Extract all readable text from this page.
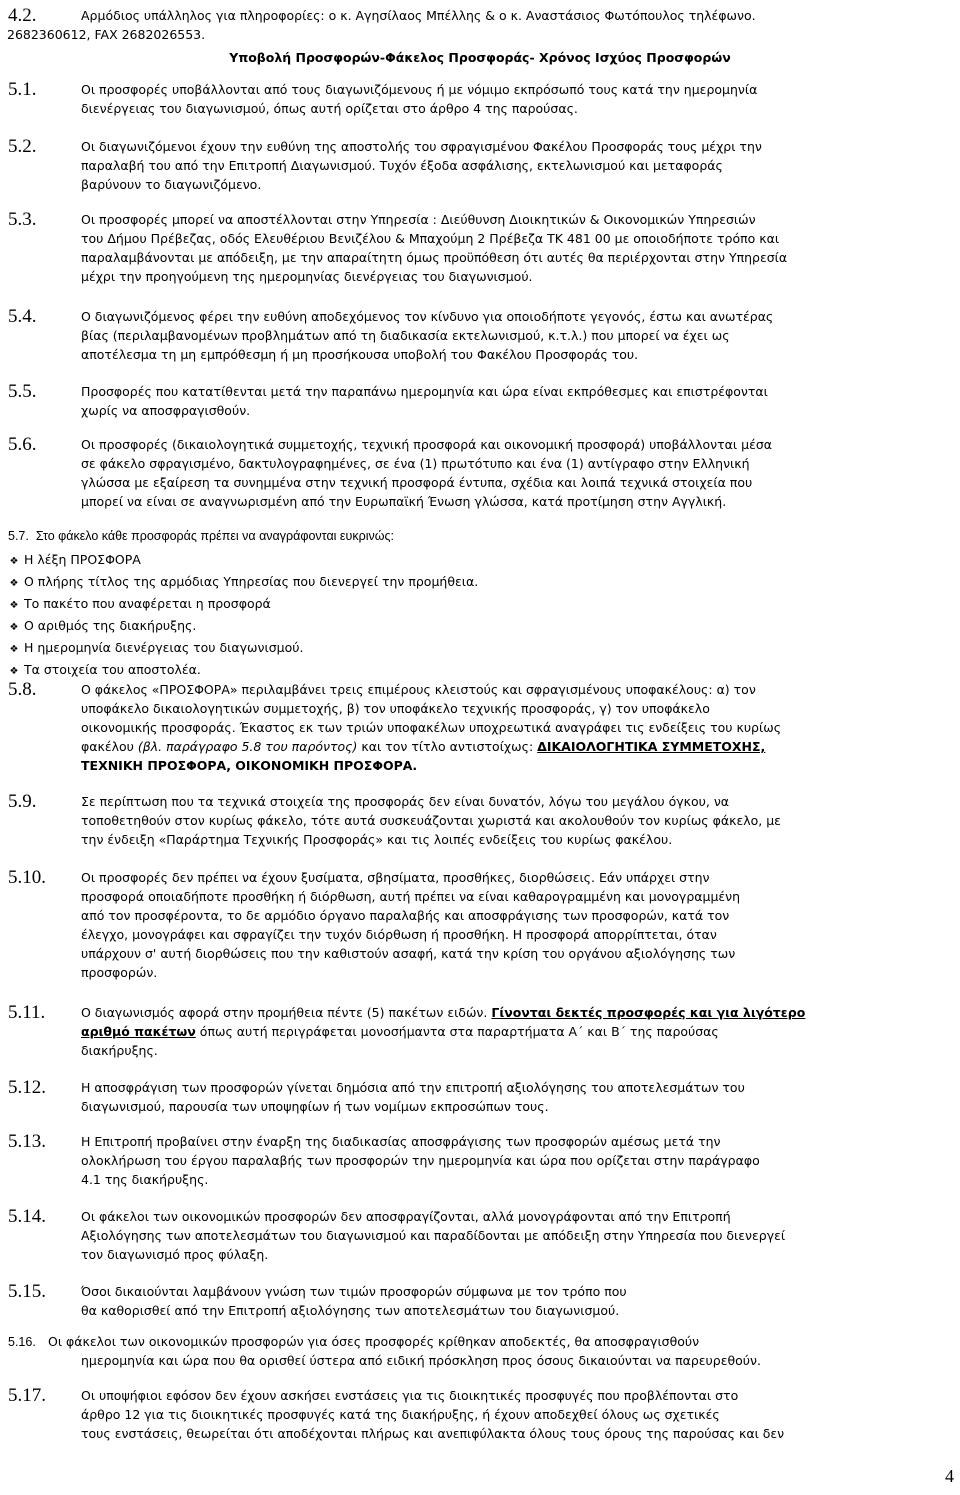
4.2.	Αρμόδιος υπάλληλος για πληροφορίες: ο κ. Αγησίλαος Μπέλλης & ο κ. Αναστάσιος Φωτόπουλος τηλέφωνο.
2682360612, FAX 2682026553.
Υποβολή Προσφορών-Φάκελος Προσφοράς- Χρόνος Ισχύος Προσφορών
5.1.	Οι προσφορές υποβάλλονται από τους διαγωνιζόμενους ή με νόμιμο εκπρόσωπό τους κατά την ημερομηνία
διενέργειας του διαγωνισμού, όπως αυτή ορίζεται στο άρθρο 4 της παρούσας.
5.2.	Οι διαγωνιζόμενοι έχουν την ευθύνη της αποστολής του σφραγισμένου Φακέλου Προσφοράς τους μέχρι την
παραλαβή του από την Επιτροπή Διαγωνισμού. Τυχόν έξοδα ασφάλισης, εκτελωνισμού και μεταφοράς
βαρύνουν το διαγωνιζόμενο.
5.3.	Οι προσφορές μπορεί να αποστέλλονται στην Υπηρεσία : Διεύθυνση Διοικητικών & Οικονομικών Υπηρεσιών
του Δήμου Πρέβεζας, οδός Ελευθέριου Βενιζέλου & Μπαχούμη 2 Πρέβεζα ΤΚ 481 00 με οποιοδήποτε τρόπο και
παραλαμβάνονται με απόδειξη, με την απαραίτητη όμως προϋπόθεση ότι αυτές θα περιέρχονται στην Υπηρεσία
μέχρι την προηγούμενη της ημερομηνίας διενέργειας του διαγωνισμού.
5.4.	Ο διαγωνιζόμενος φέρει την ευθύνη αποδεχόμενος τον κίνδυνο για οποιοδήποτε γεγονός, έστω και ανωτέρας
βίας (περιλαμβανομένων προβλημάτων από τη διαδικασία εκτελωνισμού, κ.τ.λ.) που μπορεί να έχει ως
αποτέλεσμα τη μη εμπρόθεσμη ή μη προσήκουσα υποβολή του Φακέλου Προσφοράς του.
5.5.	Προσφορές που κατατίθενται μετά την παραπάνω ημερομηνία και ώρα είναι εκπρόθεσμες και επιστρέφονται
χωρίς να αποσφραγισθούν.
5.6.	Οι προσφορές (δικαιολογητικά συμμετοχής, τεχνική προσφορά και οικονομική προσφορά) υποβάλλονται μέσα
σε φάκελο σφραγισμένο, δακτυλογραφημένες, σε ένα (1) πρωτότυπο και ένα (1) αντίγραφο στην Ελληνική
γλώσσα με εξαίρεση τα συνημμένα στην τεχνική προσφορά έντυπα, σχέδια και λοιπά τεχνικά στοιχεία που
μπορεί να είναι σε αναγνωρισμένη από την Ευρωπαϊκή Ένωση γλώσσα, κατά προτίμηση στην Αγγλική.
5.7. Στο φάκελο κάθε προσφοράς πρέπει να αναγράφονται ευκρινώς:
❖ Η λέξη ΠΡΟΣΦΟΡΑ
❖ Ο πλήρης τίτλος της αρμόδιας Υπηρεσίας που διενεργεί την προμήθεια.
❖ Το πακέτο που αναφέρεται η προσφορά
❖ Ο αριθμός της διακήρυξης.
❖ Η ημερομηνία διενέργειας του διαγωνισμού.
❖ Τα στοιχεία του αποστολέα.
5.8.	Ο φάκελος «ΠΡΟΣΦΟΡΑ» περιλαμβάνει τρεις επιμέρους κλειστούς και σφραγισμένους υποφακέλους: α) τον
υποφάκελο δικαιολογητικών συμμετοχής, β) τον υποφάκελο τεχνικής προσφοράς, γ) τον υποφάκελο
οικονομικής προσφοράς. Έκαστος εκ των τριών υποφακέλων υποχρεωτικά αναγράφει τις ενδείξεις του κυρίως
φακέλου (βλ. παράγραφο 5.8 του παρόντος) και τον τίτλο αντιστοίχως: ΔΙΚΑΙΟΛΟΓΗΤΙΚΑ ΣΥΜΜΕΤΟΧΗΣ,
ΤΕΧΝΙΚΗ ΠΡΟΣΦΟΡΑ, ΟΙΚΟΝΟΜΙΚΗ ΠΡΟΣΦΟΡΑ.
5.9.	Σε περίπτωση που τα τεχνικά στοιχεία της προσφοράς δεν είναι δυνατόν, λόγω του μεγάλου όγκου, να
τοποθετηθούν στον κυρίως φάκελο, τότε αυτά συσκευάζονται χωριστά και ακολουθούν τον κυρίως φάκελο, με
την ένδειξη «Παράρτημα Τεχνικής Προσφοράς» και τις λοιπές ενδείξεις του κυρίως φακέλου.
5.10.	Οι προσφορές δεν πρέπει να έχουν ξυσίματα, σβησίματα, προσθήκες, διορθώσεις. Εάν υπάρχει στην
προσφορά οποιαδήποτε προσθήκη ή διόρθωση, αυτή πρέπει να είναι καθαρογραμμένη και μονογραμμένη
από τον προσφέροντα, το δε αρμόδιο όργανο παραλαβής και αποσφράγισης των προσφορών, κατά τον
έλεγχο, μονογράφει και σφραγίζει την τυχόν διόρθωση ή προσθήκη. Η προσφορά απορρίπτεται, όταν
υπάρχουν σ' αυτή διορθώσεις που την καθιστούν ασαφή, κατά την κρίση του οργάνου αξιολόγησης των
προσφορών.
5.11.	Ο διαγωνισμός αφορά στην προμήθεια πέντε (5) πακέτων ειδών. Γίνονται δεκτές προσφορές και για λιγότερο
αριθμό πακέτων όπως αυτή περιγράφεται μονοσήμαντα στα παραρτήματα Α΄ και Β΄ της παρούσας
διακήρυξης.
5.12.	Η αποσφράγιση των προσφορών γίνεται δημόσια από την επιτροπή αξιολόγησης του αποτελεσμάτων του
διαγωνισμού, παρουσία των υποψηφίων ή των νομίμων εκπροσώπων τους.
5.13.	Η Επιτροπή προβαίνει στην έναρξη της διαδικασίας αποσφράγισης των προσφορών αμέσως μετά την
ολοκλήρωση του έργου παραλαβής των προσφορών την ημερομηνία και ώρα που ορίζεται στην παράγραφο
4.1 της διακήρυξης.
5.14.	Οι φάκελοι των οικονομικών προσφορών δεν αποσφραγίζονται, αλλά μονογράφονται από την Επιτροπή
Αξιολόγησης των αποτελεσμάτων του διαγωνισμού και παραδίδονται με απόδειξη στην Υπηρεσία που διενεργεί
τον διαγωνισμό προς φύλαξη.
5.15.	Όσοι δικαιούνται λαμβάνουν γνώση των τιμών προσφορών σύμφωνα με τον τρόπο που
θα καθορισθεί από την Επιτροπή αξιολόγησης των αποτελεσμάτων του διαγωνισμού.
5.16. Οι φάκελοι των οικονομικών προσφορών για όσες προσφορές κρίθηκαν αποδεκτές, θα αποσφραγισθούν
ημερομηνία και ώρα που θα ορισθεί ύστερα από ειδική πρόσκληση προς όσους δικαιούνται να παρευρεθούν.
5.17.	Οι υποψήφιοι εφόσον δεν έχουν ασκήσει ενστάσεις για τις διοικητικές προσφυγές που προβλέπονται στο
άρθρο 12 για τις διοικητικές προσφυγές κατά της διακήρυξης, ή έχουν αποδεχθεί όλους ως σχετικές
τους ενστάσεις, θεωρείται ότι αποδέχονται πλήρως και ανεπιφύλακτα όλους τους όρους της παρούσας και δεν
4
